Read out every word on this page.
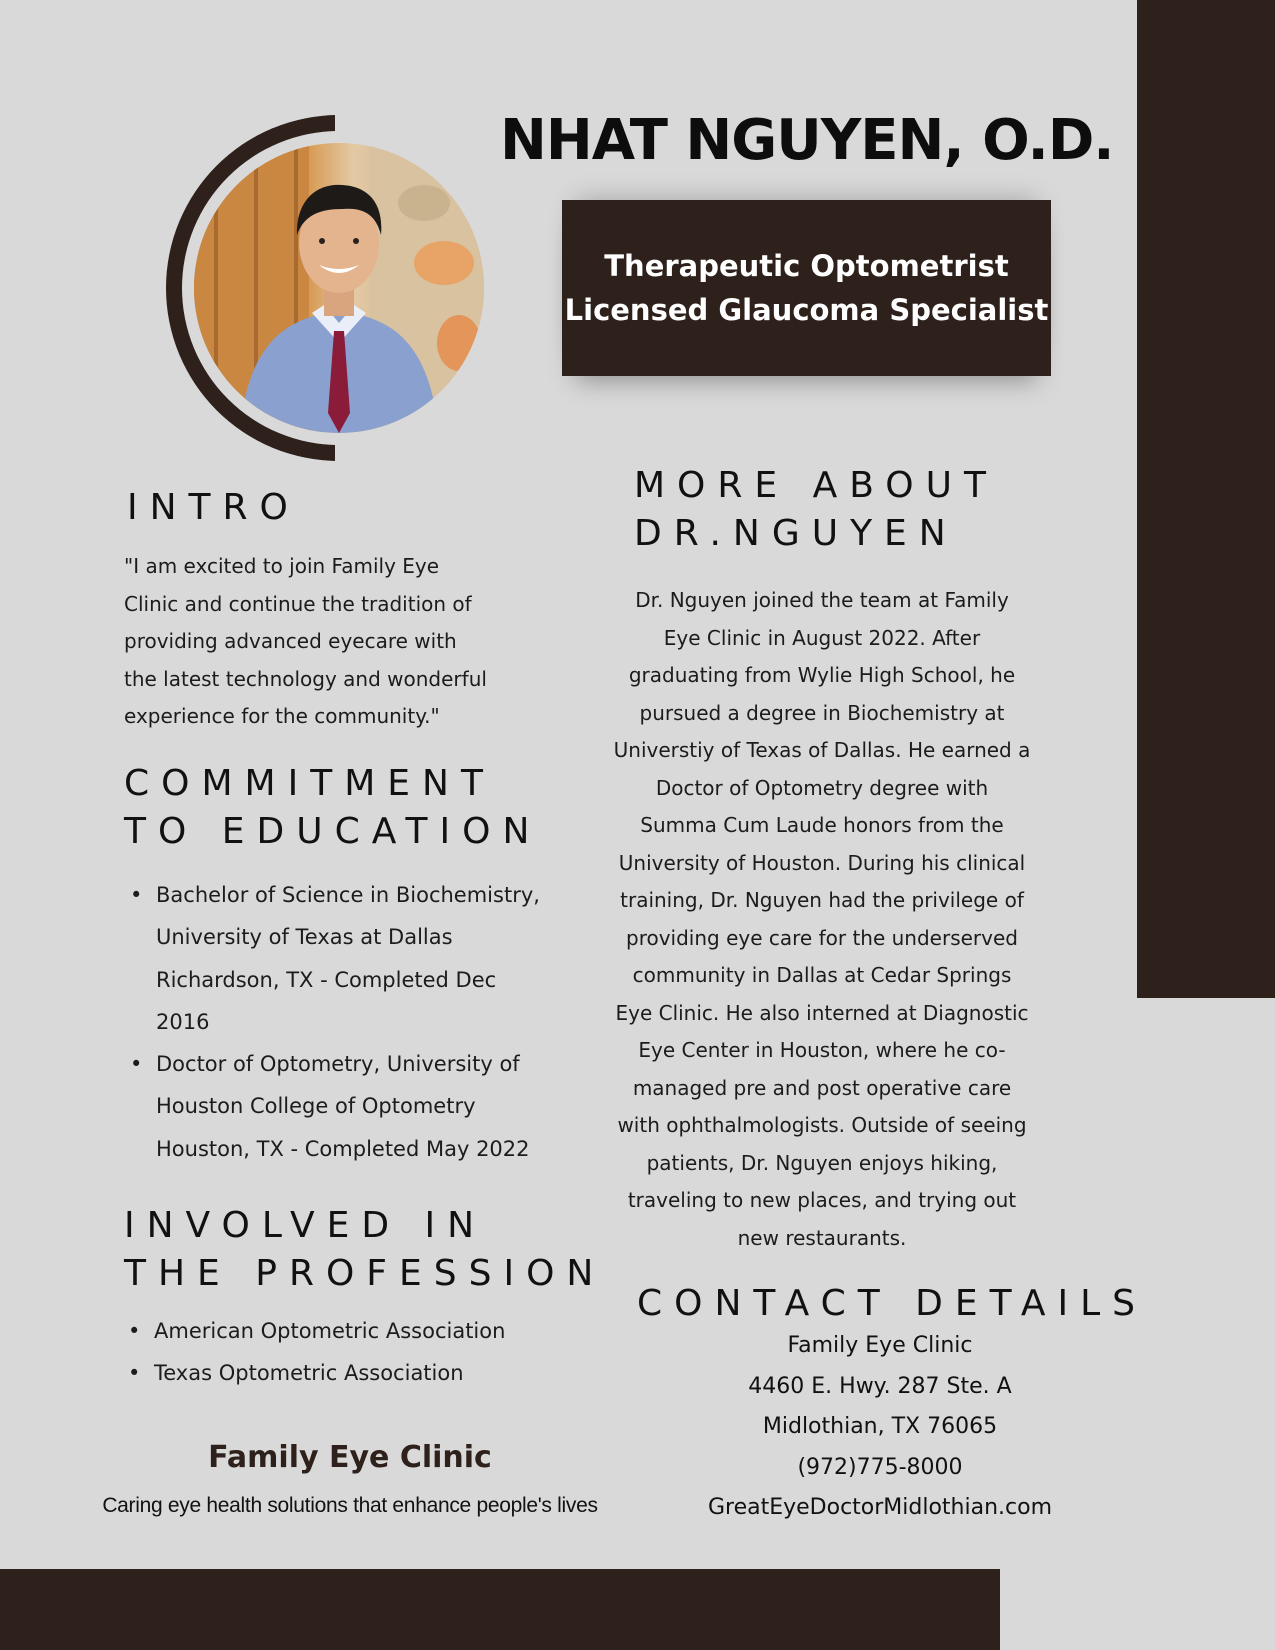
NHAT NGUYEN, O.D.
Therapeutic Optometrist
Licensed Glaucoma Specialist
INTRO
"I am excited to join Family Eye
Clinic and continue the tradition of
providing advanced eyecare with
the latest technology and wonderful
experience for the community."
COMMITMENT
TO EDUCATION
• Bachelor of Science in Biochemistry,
University of Texas at Dallas
Richardson, TX - Completed Dec
2016
• Doctor of Optometry, University of
Houston College of Optometry
Houston, TX - Completed May 2022
INVOLVED IN
THE PROFESSION
• American Optometric Association
• Texas Optometric Association
Family Eye Clinic
Caring eye health solutions that enhance people's lives
MORE ABOUT
DR.NGUYEN
Dr. Nguyen joined the team at Family
Eye Clinic in August 2022. After
graduating from Wylie High School, he
pursued a degree in Biochemistry at
Universtiy of Texas of Dallas. He earned a
Doctor of Optometry degree with
Summa Cum Laude honors from the
University of Houston. During his clinical
training, Dr. Nguyen had the privilege of
providing eye care for the underserved
community in Dallas at Cedar Springs
Eye Clinic. He also interned at Diagnostic
Eye Center in Houston, where he co-
managed pre and post operative care
with ophthalmologists. Outside of seeing
patients, Dr. Nguyen enjoys hiking,
traveling to new places, and trying out
new restaurants.
CONTACT DETAILS
Family Eye Clinic
4460 E. Hwy. 287 Ste. A
Midlothian, TX 76065
(972)775-8000
GreatEyeDoctorMidlothian.com
